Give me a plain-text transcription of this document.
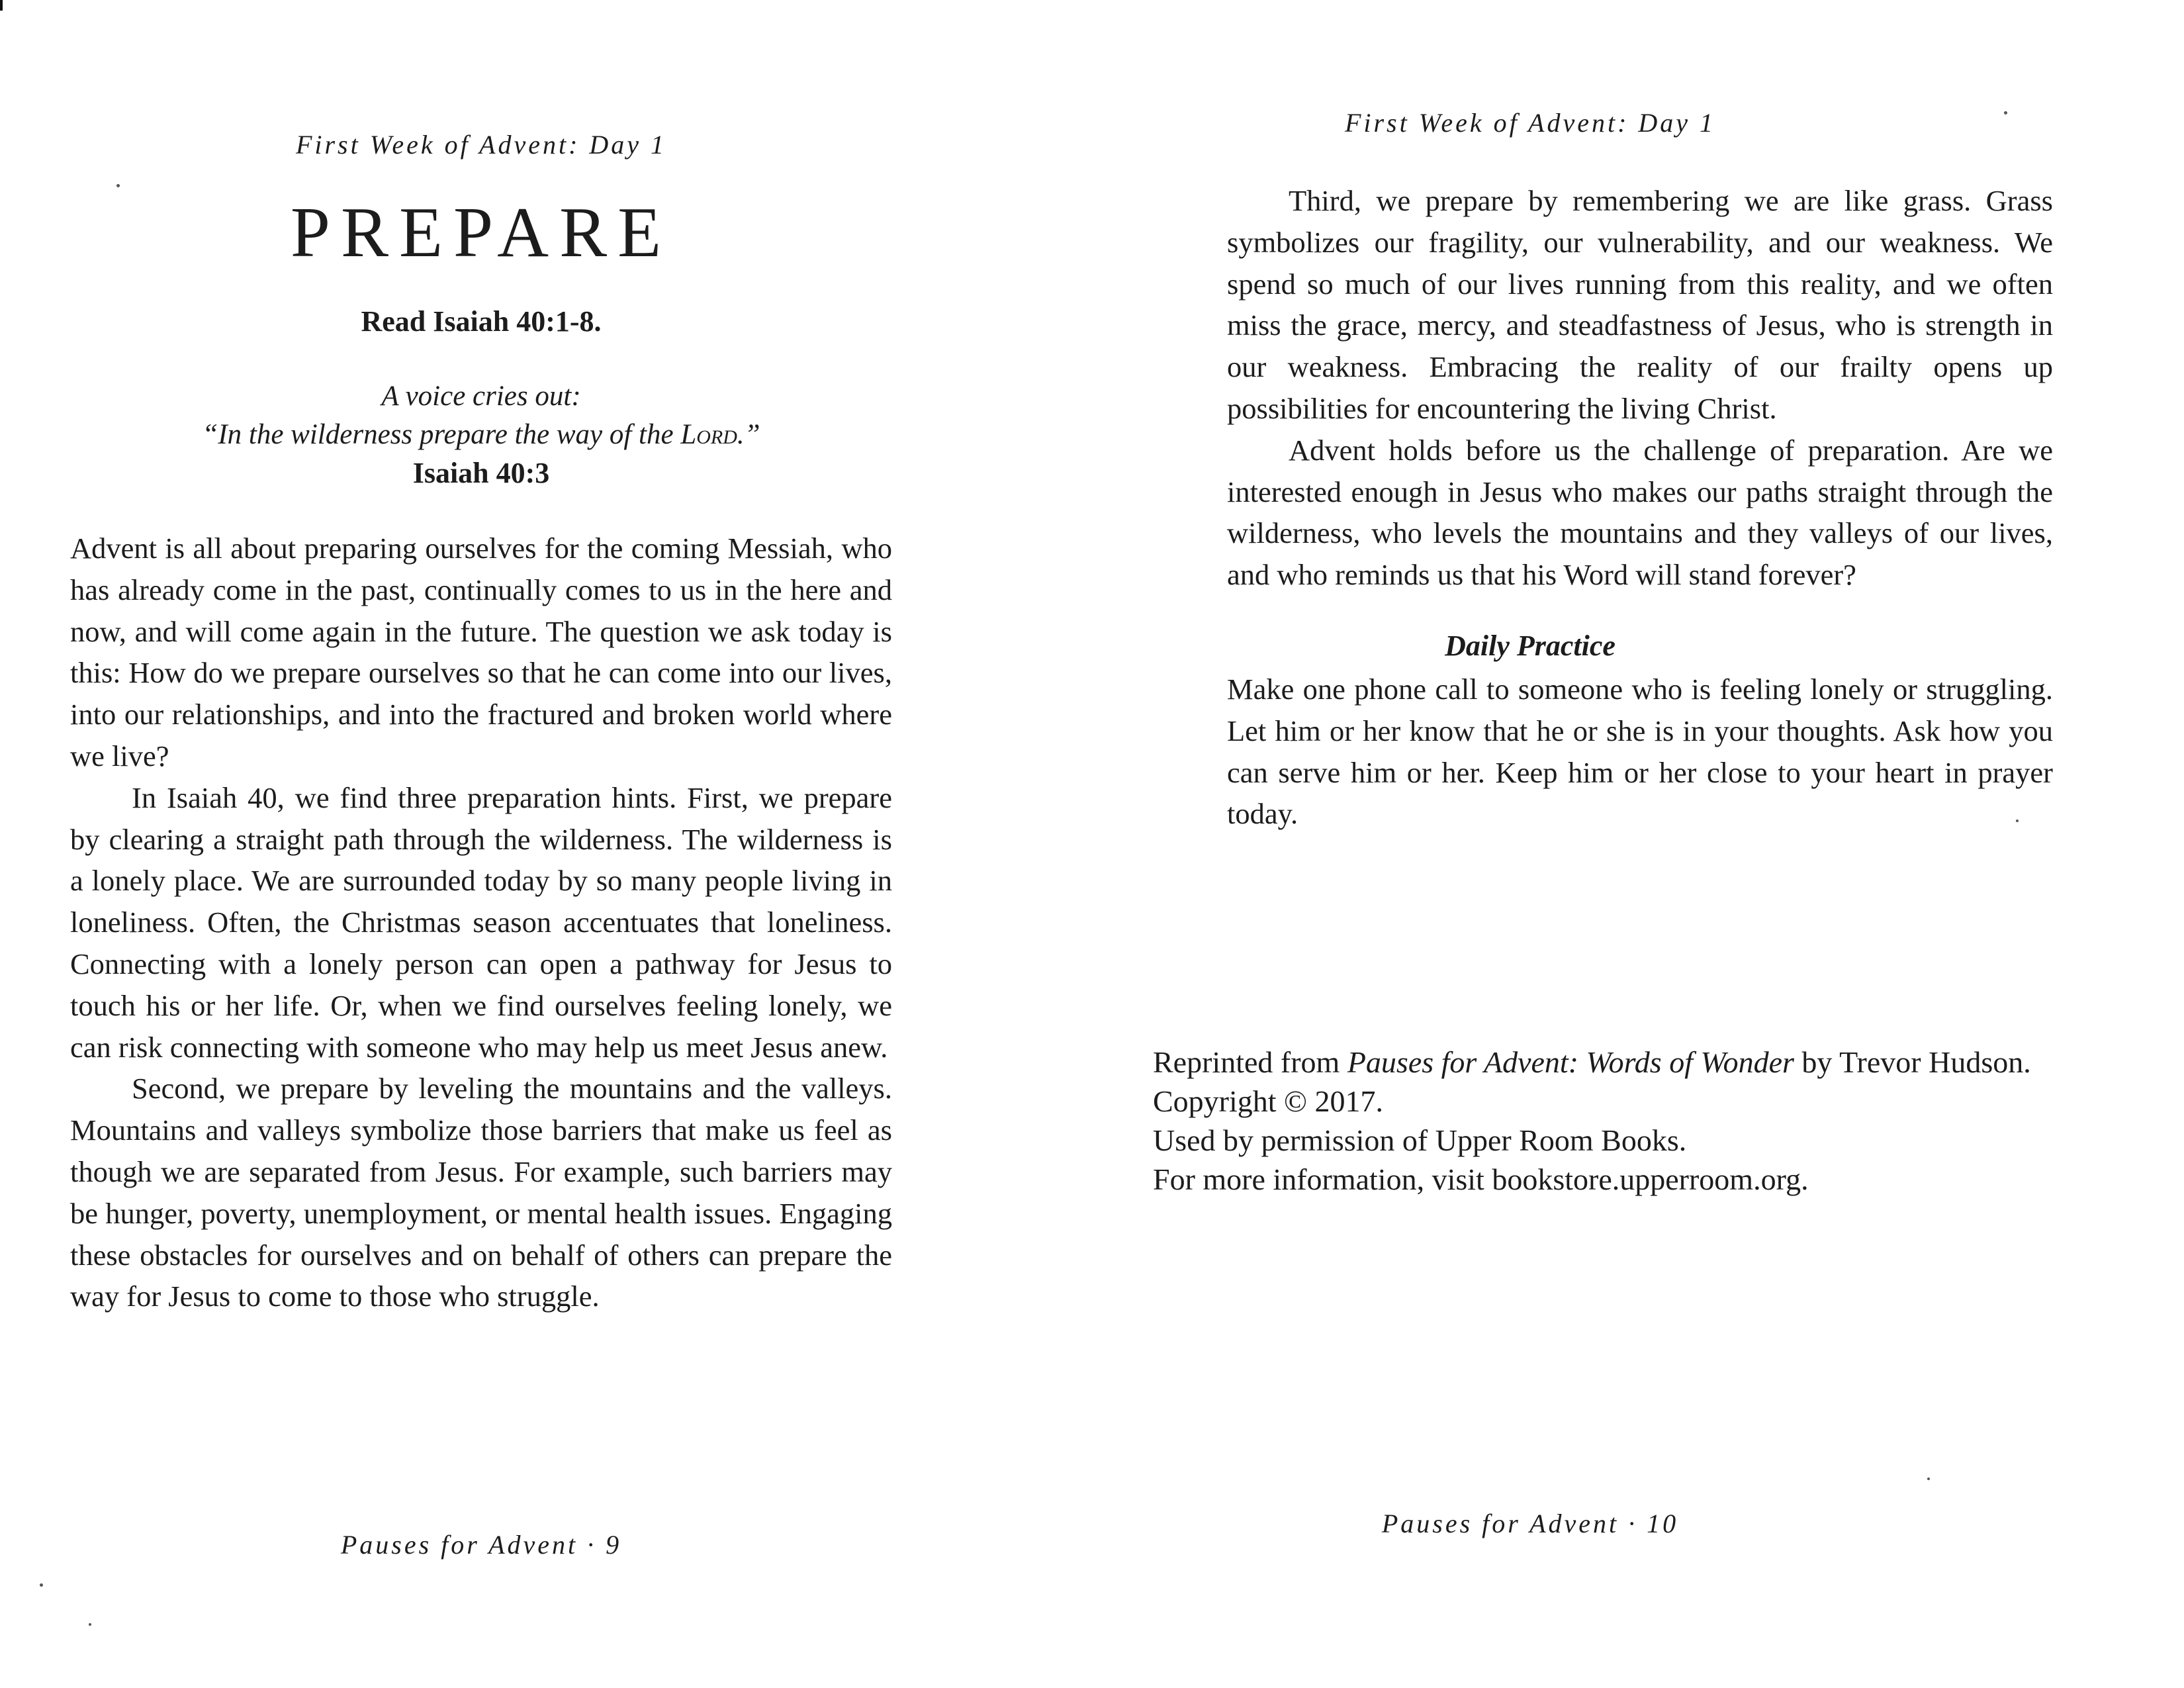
First Week of Advent: Day 1
PREPARE
Read Isaiah 40:1-8.
A voice cries out:
“In the wilderness prepare the way of the Lord.”
Isaiah 40:3

Advent is all about preparing ourselves for the coming Messiah, who has already come in the past, continually comes to us in the here and now, and will come again in the future. The question we ask today is this: How do we prepare ourselves so that he can come into our lives, into our relationships, and into the fractured and broken world where we live?

In Isaiah 40, we find three preparation hints. First, we prepare by clearing a straight path through the wilderness. The wilderness is a lonely place. We are surrounded today by so many people living in loneliness. Often, the Christmas season accentuates that loneliness. Connecting with a lonely person can open a pathway for Jesus to touch his or her life. Or, when we find ourselves feeling lonely, we can risk connecting with someone who may help us meet Jesus anew.

Second, we prepare by leveling the mountains and the valleys. Mountains and valleys symbolize those barriers that make us feel as though we are separated from Jesus. For example, such barriers may be hunger, poverty, unemployment, or mental health issues. Engaging these obstacles for ourselves and on behalf of others can prepare the way for Jesus to come to those who struggle.

Pauses for Advent · 9
First Week of Advent: Day 1

Third, we prepare by remembering we are like grass. Grass symbolizes our fragility, our vulnerability, and our weakness. We spend so much of our lives running from this reality, and we often miss the grace, mercy, and steadfastness of Jesus, who is strength in our weakness. Embracing the reality of our frailty opens up possibilities for encountering the living Christ.

Advent holds before us the challenge of preparation. Are we interested enough in Jesus who makes our paths straight through the wilderness, who levels the mountains and they valleys of our lives, and who reminds us that his Word will stand forever?

Daily Practice

Make one phone call to someone who is feeling lonely or struggling. Let him or her know that he or she is in your thoughts. Ask how you can serve him or her. Keep him or her close to your heart in prayer today.

Reprinted from Pauses for Advent: Words of Wonder by Trevor Hudson.
Copyright © 2017.
Used by permission of Upper Room Books.
For more information, visit bookstore.upperroom.org.
Pauses for Advent · 10
